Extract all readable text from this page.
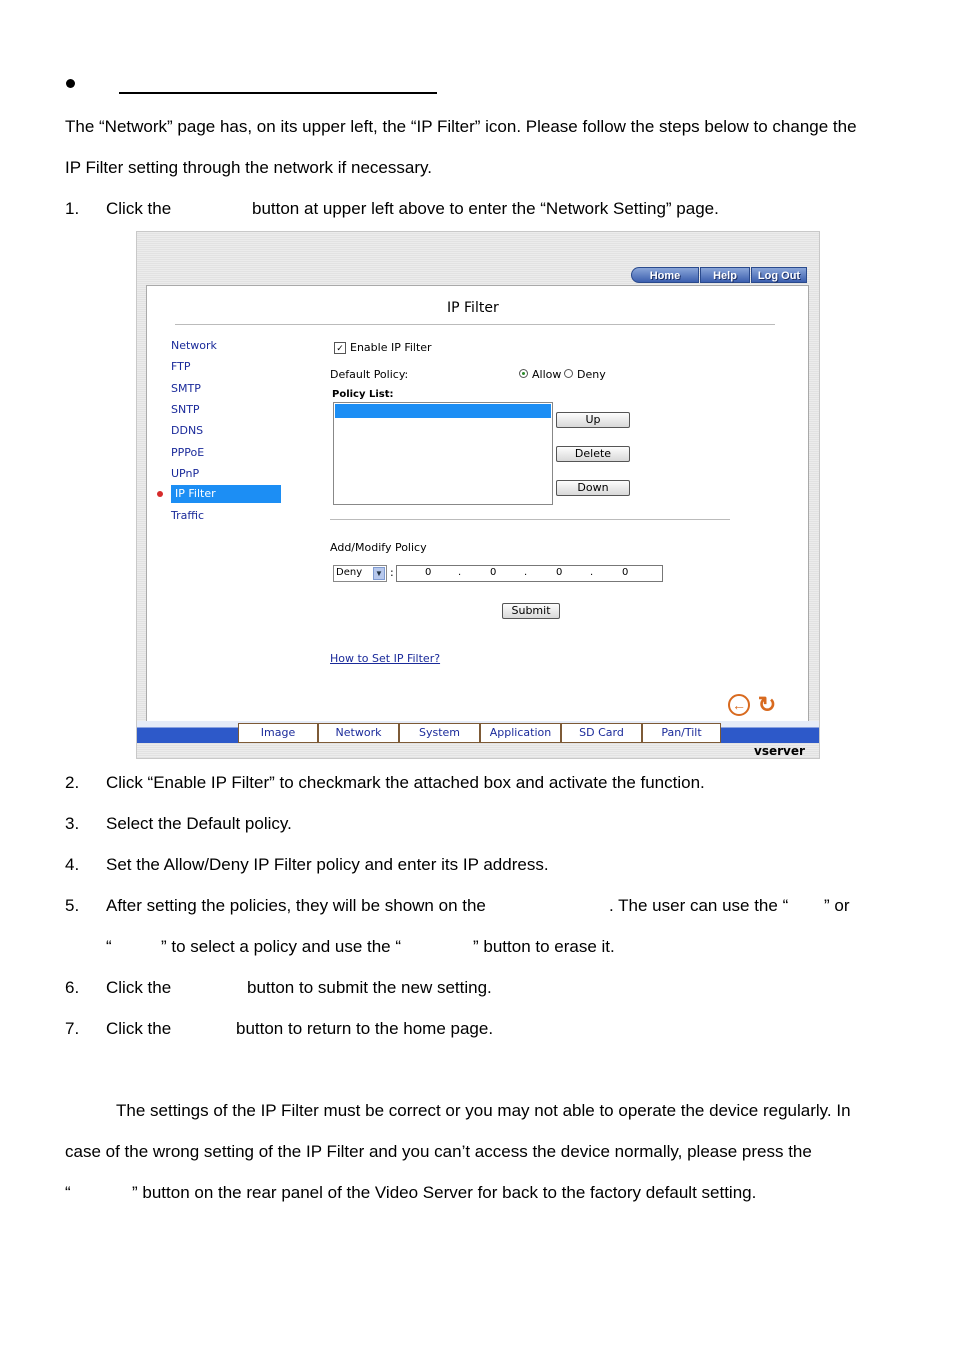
The “Network” page has, on its upper left, the “IP Filter” icon. Please follow the steps below to change the
IP Filter setting through the network if necessary.
1. Click the	button at upper left above to enter the “Network Setting” page.
Home	Help	Log Out
IP Filter
Network
FTP
SMTP
SNTP
DDNS
PPPoE
UPnP
IP Filter
Traffic
✓ Enable IP Filter
Default Policy:	Allow Deny
Policy List:
Up
Delete
Down
Add/Modify Policy
Deny ▼ :	0	.	0	.	0	.	0
Submit
How to Set IP Filter?
← ↻
Image	Network	System	Application	SD Card	Pan/Tilt
vserver
2. Click “Enable IP Filter” to checkmark the attached box and activate the function.
3. Select the Default policy.
4. Set the Allow/Deny IP Filter policy and enter its IP address.
5. After setting the policies, they will be shown on the	. The user can use the “ ” or
“	” to select a policy and use the “	” button to erase it.
6. Click the	button to submit the new setting.
7. Click the	button to return to the home page.
The settings of the IP Filter must be correct or you may not able to operate the device regularly. In
case of the wrong setting of the IP Filter and you can’t access the device normally, please press the
“	” button on the rear panel of the Video Server for back to the factory default setting.
